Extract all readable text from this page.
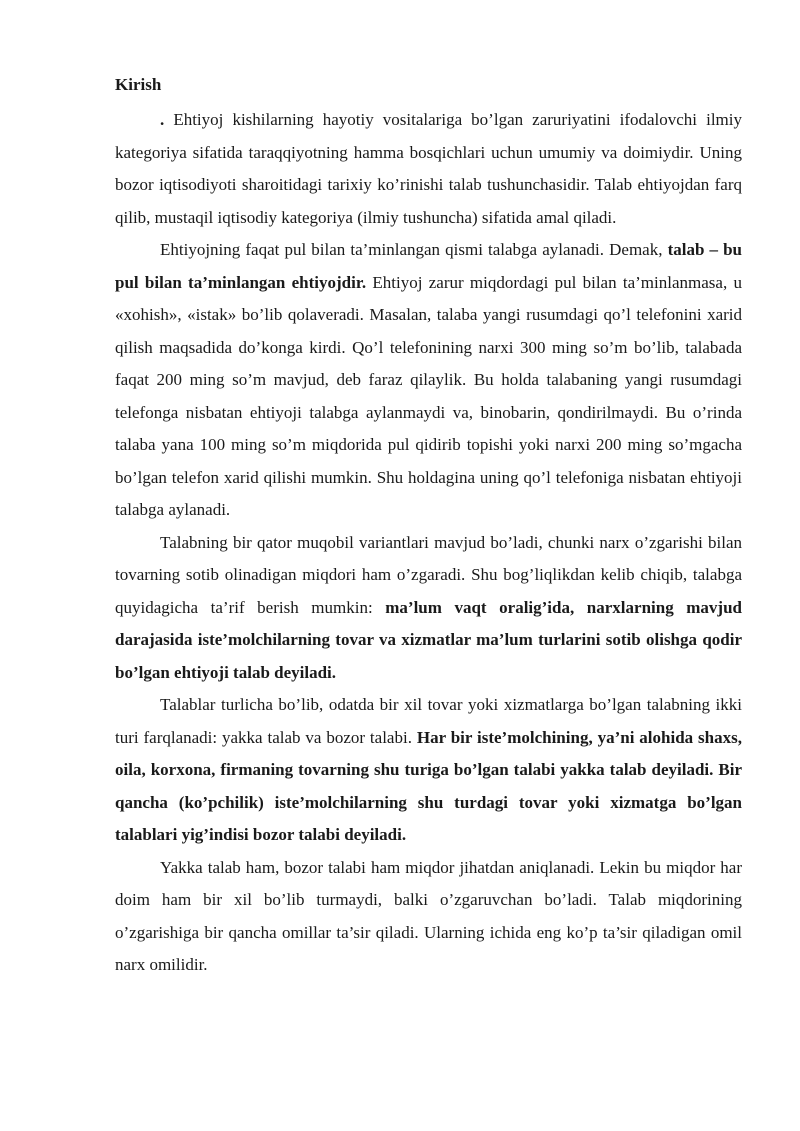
Kirish

. Ehtiyoj kishilarning hayotiy vositalariga bo’lgan zaruriyatini ifodalovchi ilmiy kategoriya sifatida taraqqiyotning hamma bosqichlari uchun umumiy va doimiydir. Uning bozor iqtisodiyoti sharoitidagi tarixiy ko’rinishi talab tushunchasidir. Talab ehtiyojdan farq qilib, mustaqil iqtisodiy kategoriya (ilmiy tushuncha) sifatida amal qiladi.

Ehtiyojning faqat pul bilan ta’minlangan qismi talabga aylanadi. Demak, talab – bu pul bilan ta’minlangan ehtiyojdir. Ehtiyoj zarur miqdordagi pul bilan ta’minlanmasa, u «xohish», «istak» bo’lib qolaveradi. Masalan, talaba yangi rusumdagi qo’l telefonini xarid qilish maqsadida do’konga kirdi. Qo’l telefonining narxi 300 ming so’m bo’lib, talabada faqat 200 ming so’m mavjud, deb faraz qilaylik. Bu holda talabaning yangi rusumdagi telefonga nisbatan ehtiyoji talabga aylanmaydi va, binobarin, qondirilmaydi. Bu o’rinda talaba yana 100 ming so’m miqdorida pul qidirib topishi yoki narxi 200 ming so’mgacha bo’lgan telefon xarid qilishi mumkin. Shu holdagina uning qo’l telefoniga nisbatan ehtiyoji talabga aylanadi.

Talabning bir qator muqobil variantlari mavjud bo’ladi, chunki narx o’zgarishi bilan tovarning sotib olinadigan miqdori ham o’zgaradi. Shu bog’liqlikdan kelib chiqib, talabga quyidagicha ta’rif berish mumkin: ma’lum vaqt oralig’ida, narxlarning mavjud darajasida iste’molchilarning tovar va xizmatlar ma’lum turlarini sotib olishga qodir bo’lgan ehtiyoji talab deyiladi.

Talablar turlicha bo’lib, odatda bir xil tovar yoki xizmatlarga bo’lgan talabning ikki turi farqlanadi: yakka talab va bozor talabi. Har bir iste’molchining, ya’ni alohida shaxs, oila, korxona, firmaning tovarning shu turiga bo’lgan talabi yakka talab deyiladi. Bir qancha (ko’pchilik) iste’molchilarning shu turdagi tovar yoki xizmatga bo’lgan talablari yig’indisi bozor talabi deyiladi.

Yakka talab ham, bozor talabi ham miqdor jihatdan aniqlanadi. Lekin bu miqdor har doim ham bir xil bo’lib turmaydi, balki o’zgaruvchan bo’ladi. Talab miqdorining o’zgarishiga bir qancha omillar ta’sir qiladi. Ularning ichida eng ko’p ta’sir qiladigan omil narx omilidir.
